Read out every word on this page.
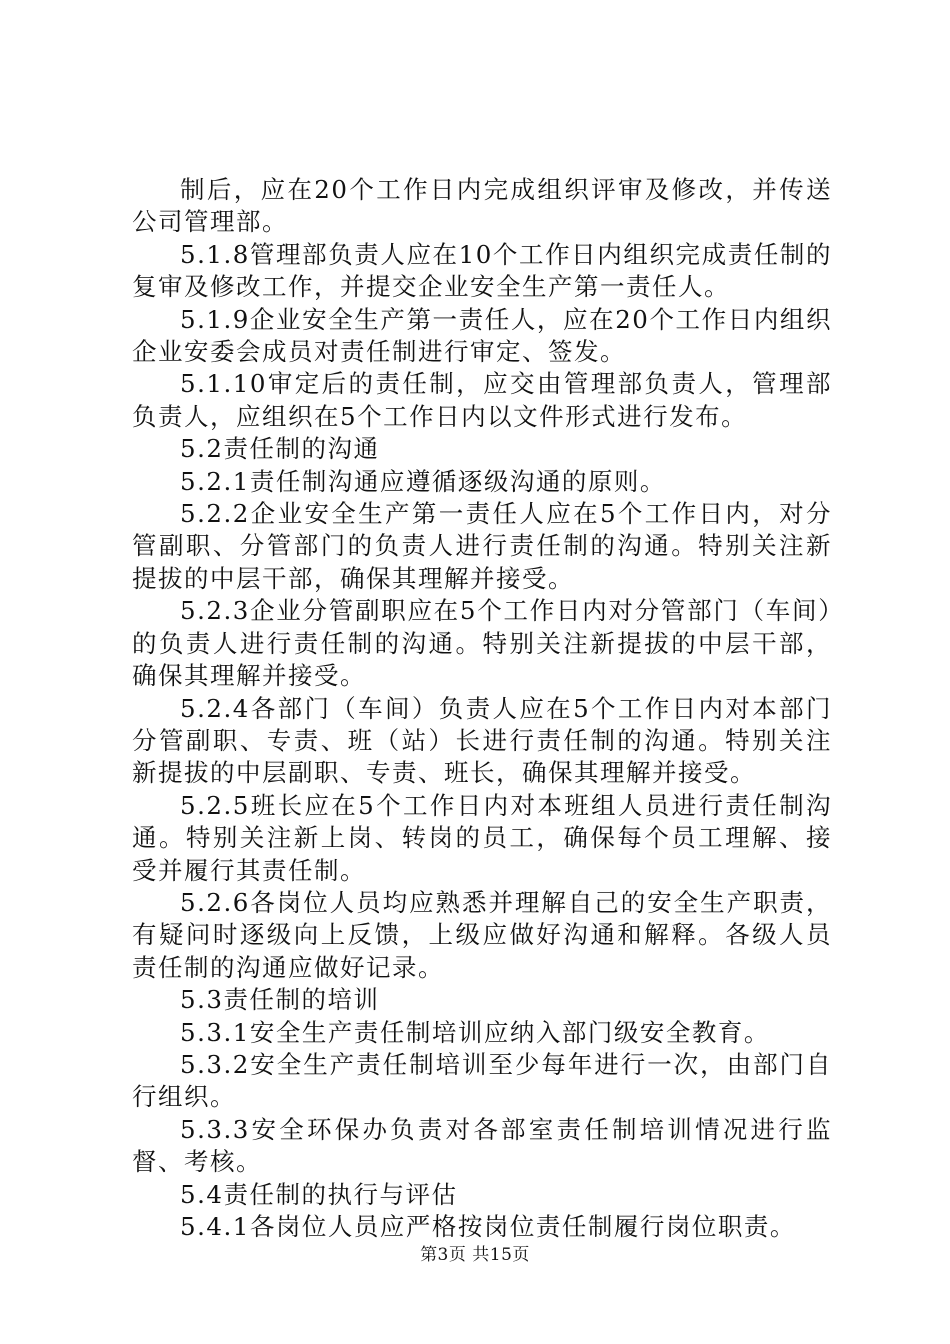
制后，应在20个工作日内完成组织评审及修改，并传送公司管理部。

5.1.8管理部负责人应在10个工作日内组织完成责任制的复审及修改工作，并提交企业安全生产第一责任人。

5.1.9企业安全生产第一责任人，应在20个工作日内组织企业安委会成员对责任制进行审定、签发。

5.1.10审定后的责任制，应交由管理部负责人，管理部负责人，应组织在5个工作日内以文件形式进行发布。

5.2责任制的沟通

5.2.1责任制沟通应遵循逐级沟通的原则。

5.2.2企业安全生产第一责任人应在5个工作日内，对分管副职、分管部门的负责人进行责任制的沟通。特别关注新提拔的中层干部，确保其理解并接受。

5.2.3企业分管副职应在5个工作日内对分管部门（车间）的负责人进行责任制的沟通。特别关注新提拔的中层干部，确保其理解并接受。

5.2.4各部门（车间）负责人应在5个工作日内对本部门分管副职、专责、班（站）长进行责任制的沟通。特别关注新提拔的中层副职、专责、班长，确保其理解并接受。

5.2.5班长应在5个工作日内对本班组人员进行责任制沟通。特别关注新上岗、转岗的员工，确保每个员工理解、接受并履行其责任制。

5.2.6各岗位人员均应熟悉并理解自己的安全生产职责，有疑问时逐级向上反馈，上级应做好沟通和解释。各级人员责任制的沟通应做好记录。

5.3责任制的培训

5.3.1安全生产责任制培训应纳入部门级安全教育。

5.3.2安全生产责任制培训至少每年进行一次，由部门自行组织。

5.3.3安全环保办负责对各部室责任制培训情况进行监督、考核。

5.4责任制的执行与评估

5.4.1各岗位人员应严格按岗位责任制履行岗位职责。

第3页 共15页
